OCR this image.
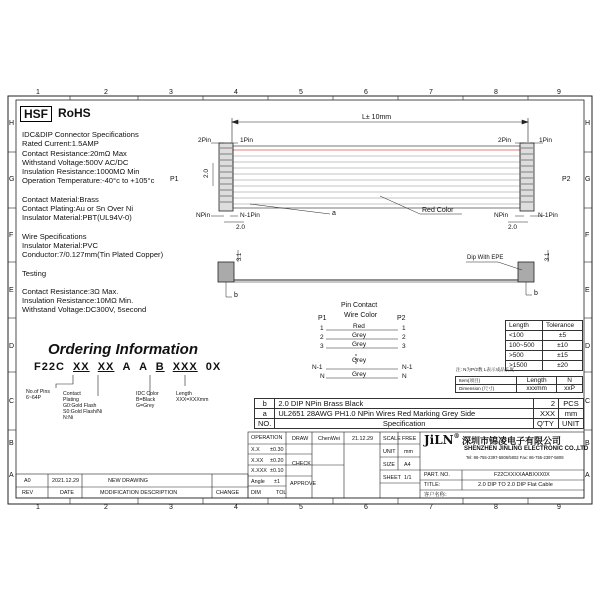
1	2	3	4	5	6	7	8	9
1	2	3	4	5	6	7	8	9
H
G
F
E
D
C
B
A
H
G
F
E
D
C
B
A
HSF RoHS
IDC&DIP Connector Specifications
Rated Current:1.5AMP
Contact Resistance:20mΩ Max
Withstand Voltage:500V AC/DC
Insulation Resistance:1000MΩ Min
Operation Temperature:-40°c to +105°c
Contact Material:Brass
Contact Plating:Au or Sn Over Ni
Insulator Material:PBT(UL94V-0)
Wire Specifications
Insulator Material:PVC
Conductor:7/0.127mm(Tin Plated Copper)
Testing
Contact Resistance:3Ω Max.
Insulation Resistance:10MΩ Min.
Withstand Voltage:DC300V, 5second
Ordering Information
F22C XX XX A A B XXX 0X
No.of Pins
6~64P
Contact
Plating
G0:Gold Flash
S0:Gold Flash/Ni
N:Ni
IDC Color
B=Black
G=Grey
Length
XXX=XXXmm
L± 10mm
2Pin	1Pin
NPin	N-1Pin
2Pin	1Pin
NPin	N-1Pin
P1	P2
2.0
2.0	2.0
a	Red Color
b	b
Dip With EPE
3.1	3.1
Pin Contact
Wire Color
P1	P2
1	Red	1
2	Grey	2
3	Grey	3
N-1
Grey
N-1
N	Grey	N
Length	Tolerance
<100	±5
100~500	±10
>500	±15
>1500	±20
注: N为P/2数 L表示成品长度
Item(项目)	Length	N
Dimension (尺寸)	xxxmm	xxP
b	2.0 DIP NPin Brass Black	2	PCS
a	UL2651 28AWG PH1.0 NPin Wires Red Marking Grey Side	XXX	mm
NO.	Specification	Q'TY	UNIT
OPERATION
X.X ±0.30
X.XX ±0.20
X.XXX ±0.10
Angle ±1
DRAW ChenWei 21.12.29 SCALE FREE
CHECK
APPROVE
UNIT mm
SIZE A4
SHEET 1/1
JiLN® 深圳市锦凌电子有限公司
SHENZHEN JINLING ELECTRONIC CO.,LTD
Tel: 86-755-2397-5806/5802 Fax: 86-755-2397-5808
PART. NO.	F22CXXXXAABXXX0X
TITLE:	2.0 DIP TO 2.0 DIP Flat Cable
客户名称：
A0	2021.12.29	NEW DRAWING
REV	DATE	MODIFICATION DESCRIPTION	CHANGE DIM	TOL
